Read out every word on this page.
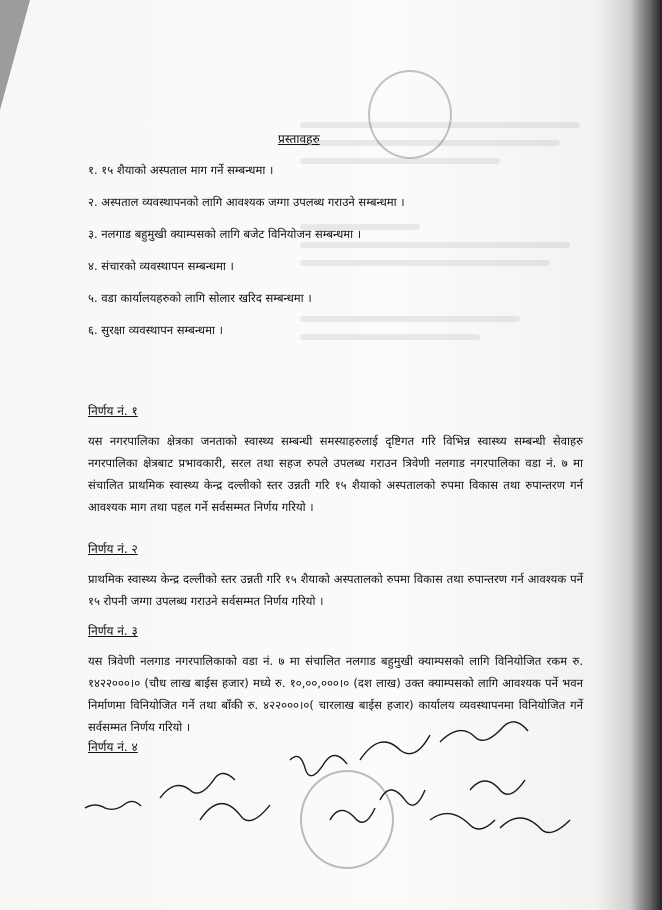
प्रस्तावहरु
१. १५ शैयाको अस्पताल माग गर्ने सम्बन्धमा ।
२. अस्पताल व्यवस्थापनको लागि आवश्यक जग्गा उपलब्ध गराउने सम्बन्धमा ।
३. नलगाड बहुमुखी क्याम्पसको लागि बजेट विनियोजन सम्बन्धमा ।
४. संचारको व्यवस्थापन सम्बन्धमा ।
५. वडा कार्यालयहरुको लागि सोलार खरिद सम्बन्धमा ।
६. सुरक्षा व्यवस्थापन सम्बन्धमा ।
निर्णय नं. १
यस नगरपालिका क्षेत्रका जनताको स्वास्थ्य सम्बन्धी समस्याहरुलाई दृष्टिगत गरि विभिन्न स्वास्थ्य सम्बन्धी सेवाहरु नगरपालिका क्षेत्रबाट प्रभावकारी, सरल तथा सहज रुपले उपलब्ध गराउन त्रिवेणी नलगाड नगरपालिका वडा नं. ७ मा संचालित प्राथमिक स्वास्थ्य केन्द्र दल्लीको स्तर उन्नती गरि १५ शैयाको अस्पतालको रुपमा विकास तथा रुपान्तरण गर्न आवश्यक माग तथा पहल गर्ने सर्वसम्मत निर्णय गरियो ।
निर्णय नं. २
प्राथमिक स्वास्थ्य केन्द्र दल्लीको स्तर उन्नती गरि १५ शैयाको अस्पतालको रुपमा विकास तथा रुपान्तरण गर्न आवश्यक पर्ने १५ रोपनी जग्गा उपलब्ध गराउने सर्वसम्मत निर्णय गरियो ।
निर्णय नं. ३
यस त्रिवेणी नलगाड नगरपालिकाको वडा नं. ७ मा संचालित नलगाड बहुमुखी क्याम्पसको लागि विनियोजित रकम रु. १४२२०००।० (चौध लाख बाईस हजार) मध्ये रु. १०,००,०००।० (दश लाख) उक्त क्याम्पसको लागि आवश्यक पर्ने भवन निर्माणमा विनियोजित गर्ने तथा बाँकी रु. ४२२०००।०( चारलाख बाईस हजार) कार्यालय व्यवस्थापनमा विनियोजित गर्ने सर्वसम्मत निर्णय गरियो ।
निर्णय नं. ४
